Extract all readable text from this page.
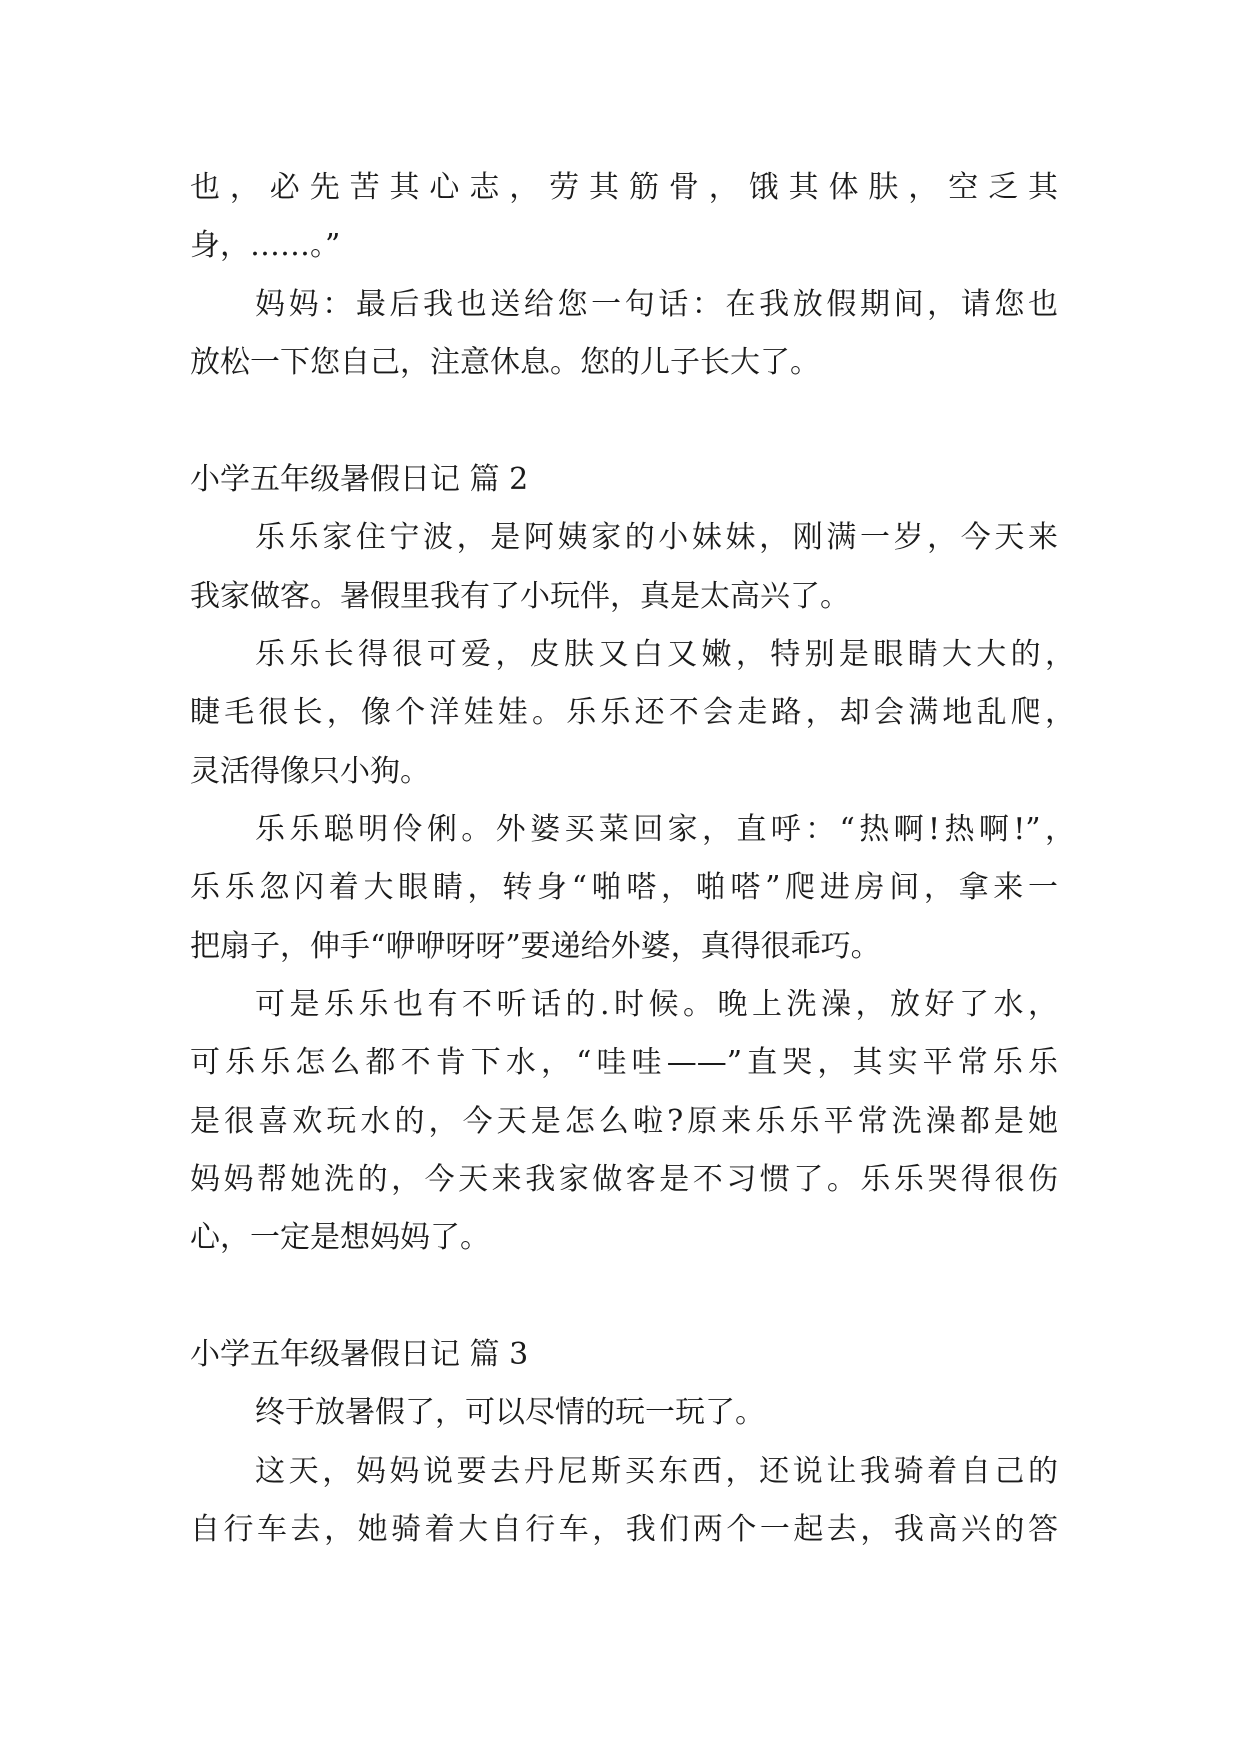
也，必先苦其心志，劳其筋骨，饿其体肤，空乏其
身，……。”
妈妈：最后我也送给您一句话：在我放假期间，请您也
放松一下您自己，注意休息。您的儿子长大了。
小学五年级暑假日记 篇 2
乐乐家住宁波，是阿姨家的小妹妹，刚满一岁，今天来
我家做客。暑假里我有了小玩伴，真是太高兴了。
乐乐长得很可爱，皮肤又白又嫩，特别是眼睛大大的，
睫毛很长，像个洋娃娃。乐乐还不会走路，却会满地乱爬，
灵活得像只小狗。
乐乐聪明伶俐。外婆买菜回家，直呼：“热啊!热啊!”，
乐乐忽闪着大眼睛，转身“啪嗒，啪嗒”爬进房间，拿来一
把扇子，伸手“咿咿呀呀”要递给外婆，真得很乖巧。
可是乐乐也有不听话的.时候。晚上洗澡，放好了水，
可乐乐怎么都不肯下水，“哇哇——”直哭，其实平常乐乐
是很喜欢玩水的，今天是怎么啦?原来乐乐平常洗澡都是她
妈妈帮她洗的，今天来我家做客是不习惯了。乐乐哭得很伤
心，一定是想妈妈了。
小学五年级暑假日记 篇 3
终于放暑假了，可以尽情的玩一玩了。
这天，妈妈说要去丹尼斯买东西，还说让我骑着自己的
自行车去，她骑着大自行车，我们两个一起去，我高兴的答
